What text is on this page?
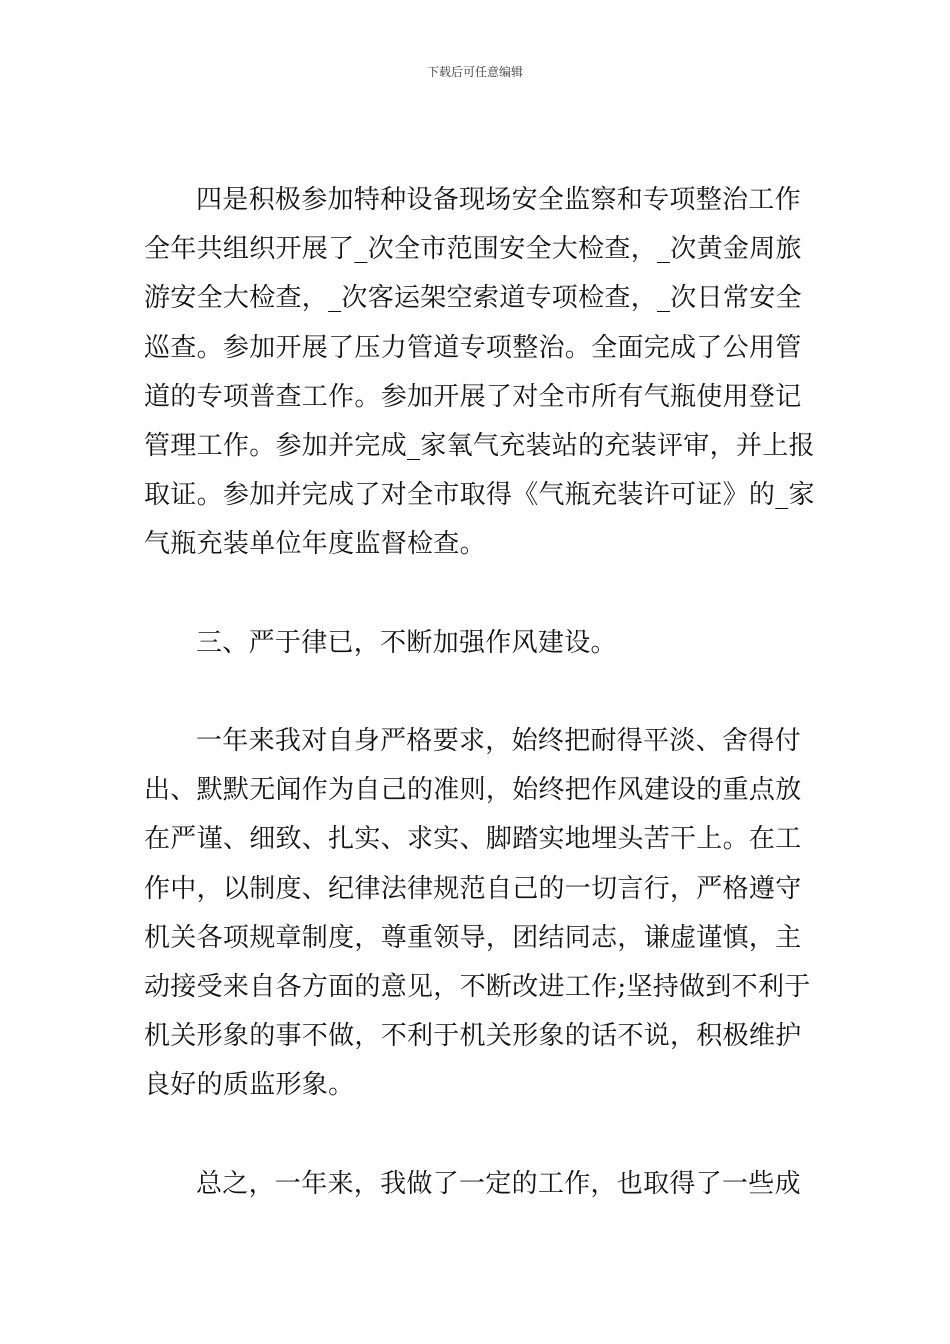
下载后可任意编辑
四是积极参加特种设备现场安全监察和专项整治工作
全年共组织开展了_次全市范围安全大检查，_次黄金周旅
游安全大检查，_次客运架空索道专项检查，_次日常安全
巡查。参加开展了压力管道专项整治。全面完成了公用管
道的专项普查工作。参加开展了对全市所有气瓶使用登记
管理工作。参加并完成_家氧气充装站的充装评审，并上报
取证。参加并完成了对全市取得《气瓶充装许可证》的_家
气瓶充装单位年度监督检查。
三、严于律已，不断加强作风建设。
一年来我对自身严格要求，始终把耐得平淡、舍得付
出、默默无闻作为自己的准则，始终把作风建设的重点放
在严谨、细致、扎实、求实、脚踏实地埋头苦干上。在工
作中，以制度、纪律法律规范自己的一切言行，严格遵守
机关各项规章制度，尊重领导，团结同志，谦虚谨慎，主
动接受来自各方面的意见，不断改进工作;坚持做到不利于
机关形象的事不做，不利于机关形象的话不说，积极维护
良好的质监形象。
总之，一年来，我做了一定的工作，也取得了一些成
